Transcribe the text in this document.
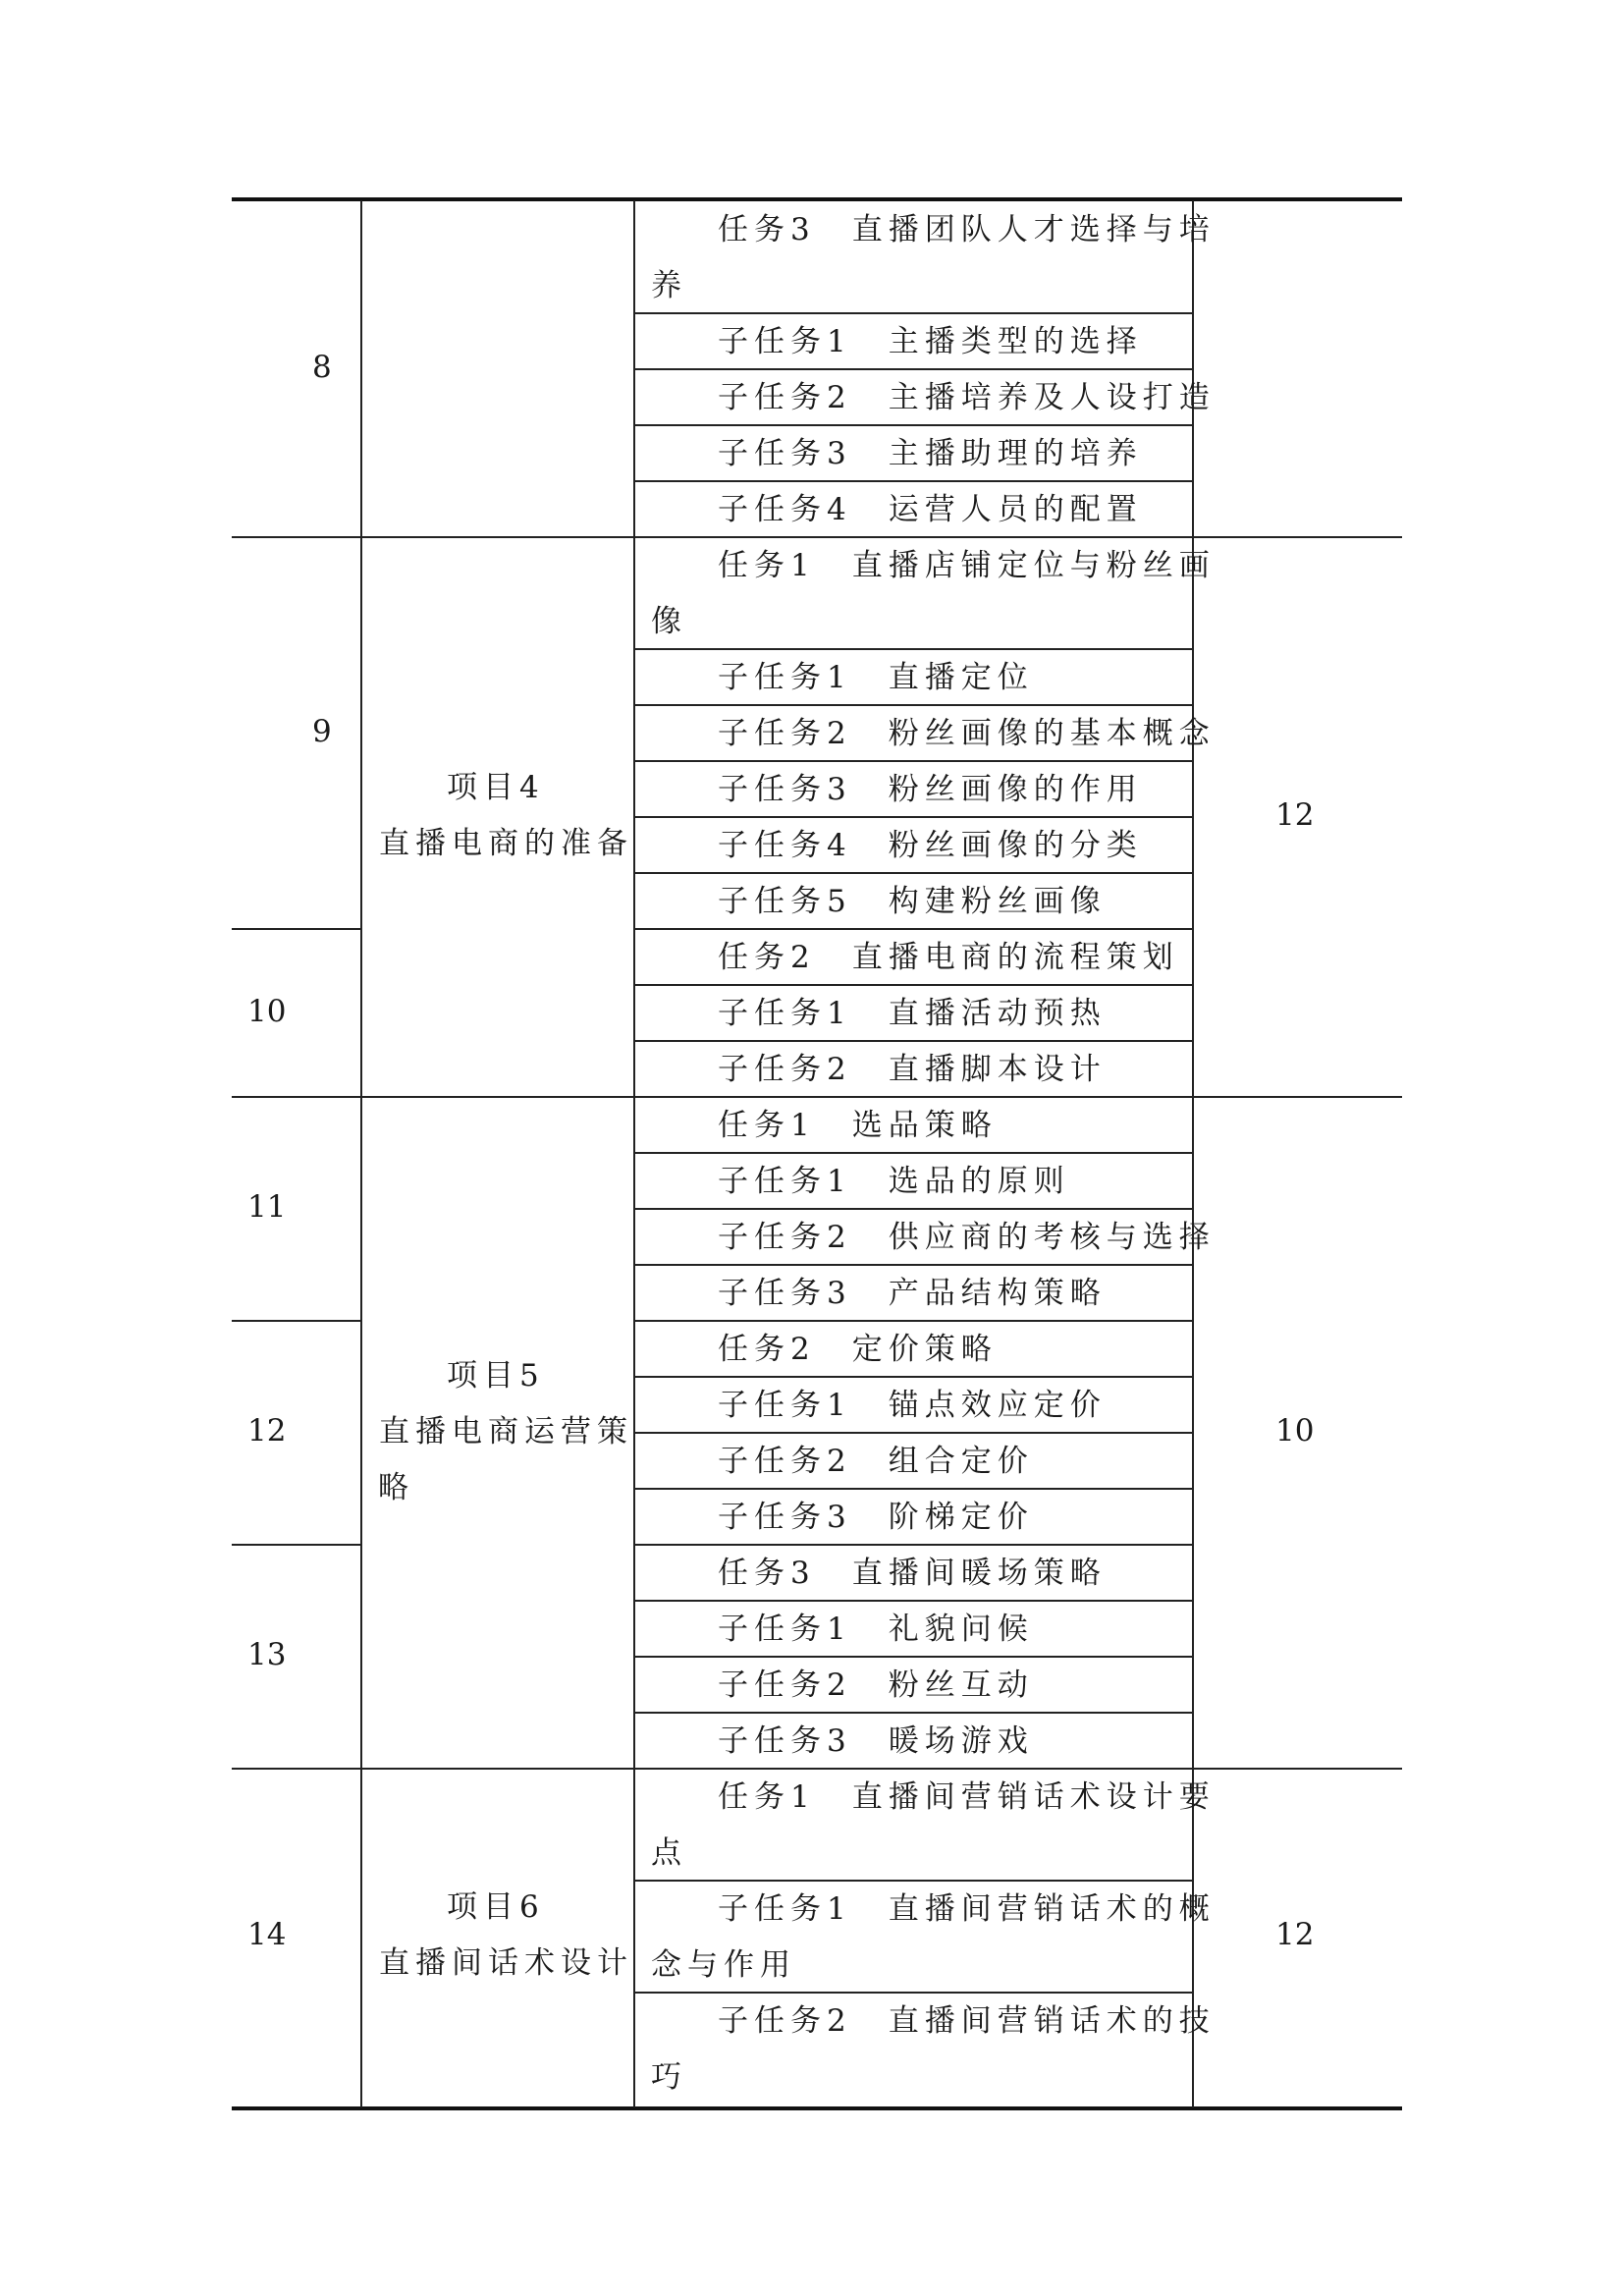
8
任务3　直播团队人才选择与培
养
子任务1　主播类型的选择
子任务2　主播培养及人设打造
子任务3　主播助理的培养
子任务4　运营人员的配置
9
任务1　直播店铺定位与粉丝画
像
子任务1　直播定位
子任务2　粉丝画像的基本概念
子任务3　粉丝画像的作用
子任务4　粉丝画像的分类
子任务5　构建粉丝画像
10
任务2　直播电商的流程策划
子任务1　直播活动预热
子任务2　直播脚本设计
11
任务1　选品策略
子任务1　选品的原则
子任务2　供应商的考核与选择
子任务3　产品结构策略
12
任务2　定价策略
子任务1　锚点效应定价
子任务2　组合定价
子任务3　阶梯定价
13
任务3　直播间暖场策略
子任务1　礼貌问候
子任务2　粉丝互动
子任务3　暖场游戏
14
任务1　直播间营销话术设计要
点
子任务1　直播间营销话术的概
念与作用
子任务2　直播间营销话术的技
巧
项目4
直播电商的准备
12
项目5
直播电商运营策
略
10
项目6
直播间话术设计
12
